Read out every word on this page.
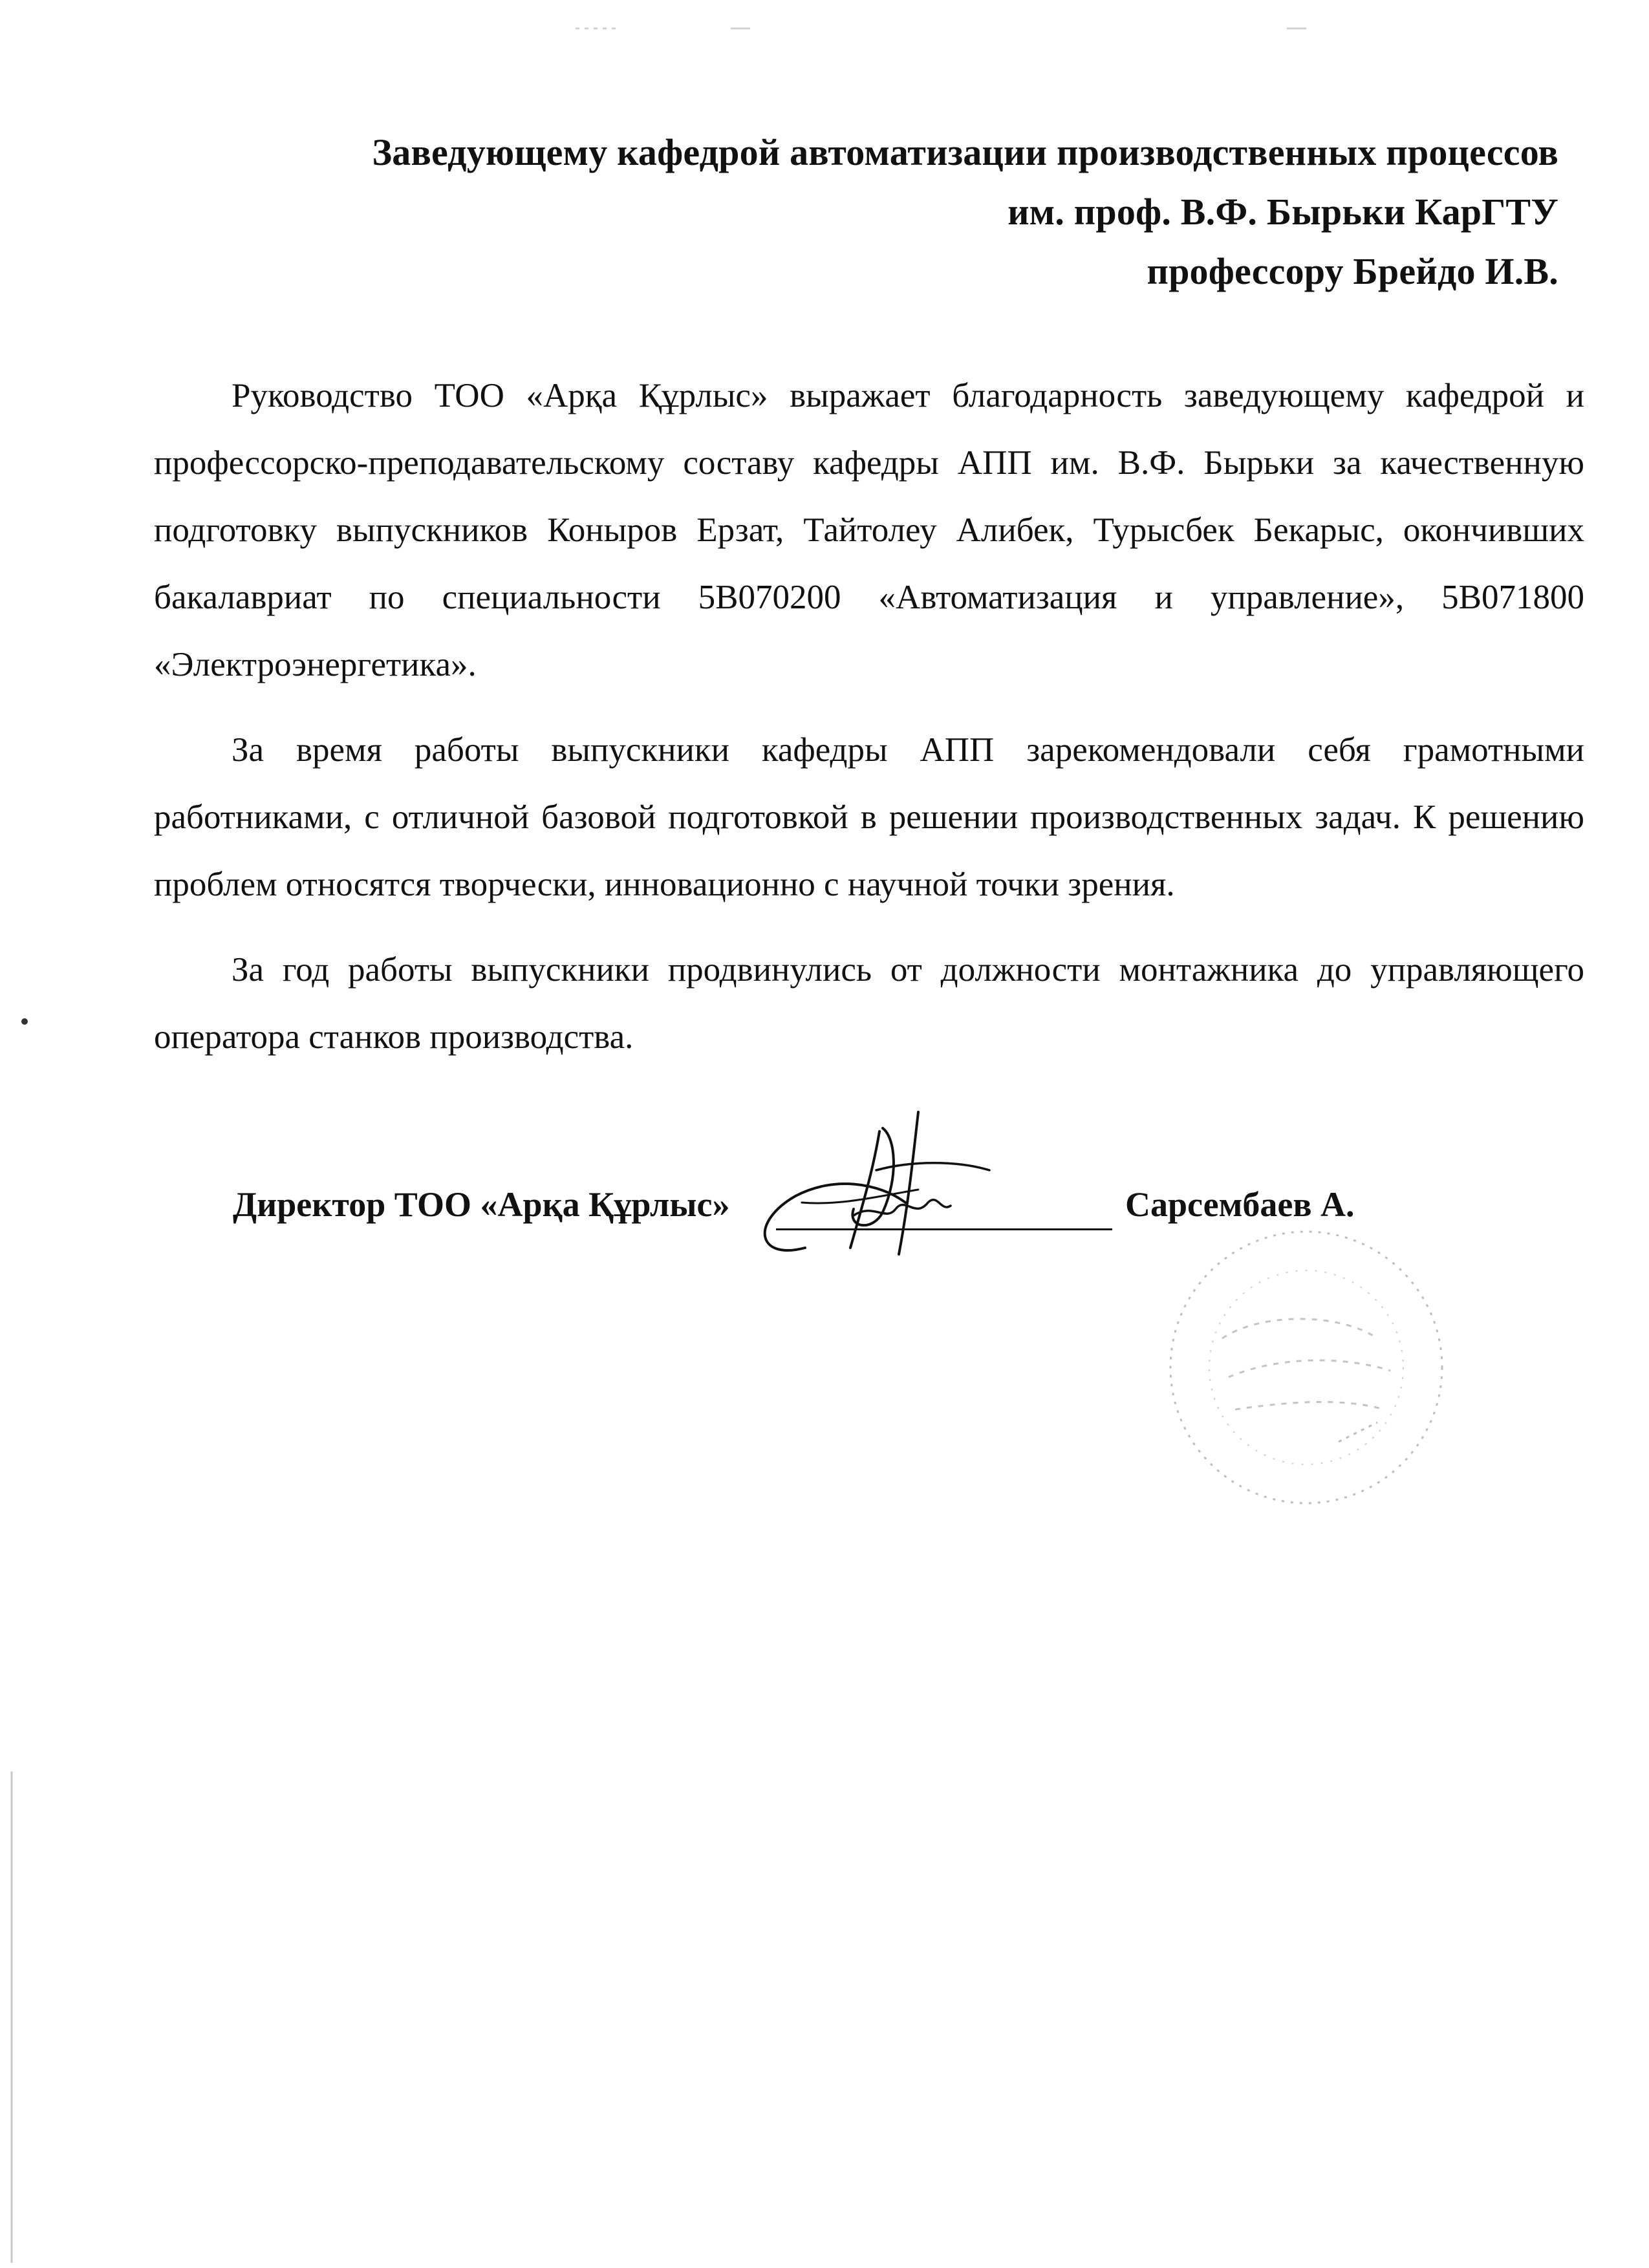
Заведующему кафедрой автоматизации производственных процессов
им. проф. В.Ф. Бырьки КарГТУ
профессору Брейдо И.В.

Руководство ТОО «Арқа Құрлыс» выражает благодарность заведующему кафедрой и профессорско-преподавательскому составу кафедры АПП им. В.Ф. Бырьки за качественную подготовку выпускников Коныров Ерзат, Тайтолеу Алибек, Турысбек Бекарыс, окончивших бакалавриат по специальности 5В070200 «Автоматизация и управление», 5В071800 «Электроэнергетика».

За время работы выпускники кафедры АПП зарекомендовали себя грамотными работниками, с отличной базовой подготовкой в решении производственных задач. К решению проблем относятся творчески, инновационно с научной точки зрения.

За год работы выпускники продвинулись от должности монтажника до управляющего оператора станков производства.

Директор ТОО «Арқа Құрлыс»	Сарсембаев А.
